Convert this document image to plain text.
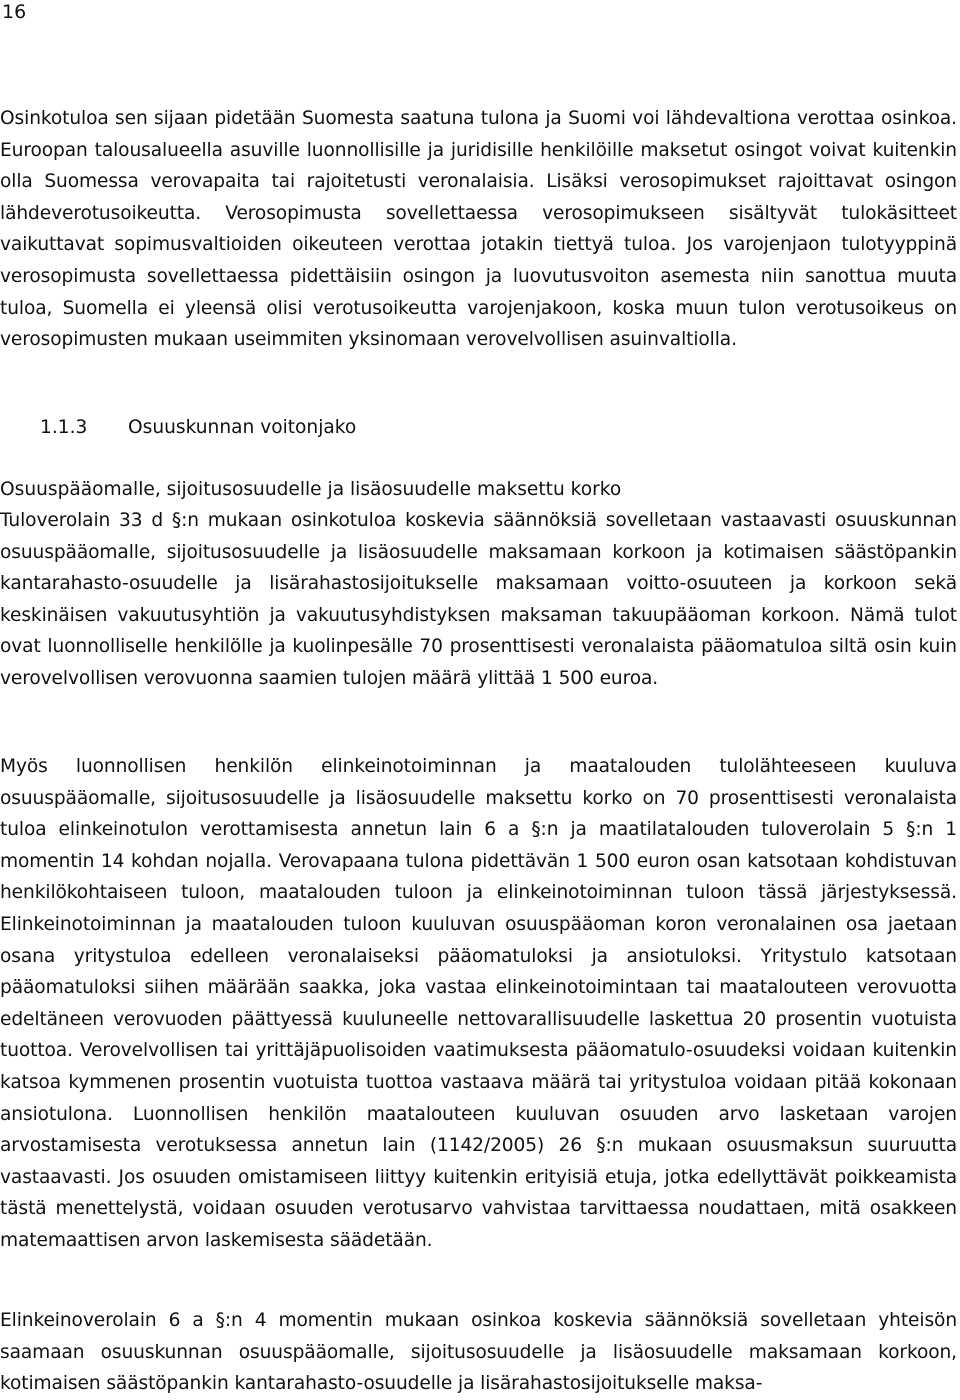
16

Osinkotuloa sen sijaan pidetään Suomesta saatuna tulona ja Suomi voi lähdevaltiona verottaa osinkoa. Euroopan talousalueella asuville luonnollisille ja juridisille henkilöille maksetut osingot voivat kuitenkin olla Suomessa verovapaita tai rajoitetusti veronalaisia. Lisäksi verosopimukset rajoittavat osingon lähdeverotusoikeutta. Verosopimusta sovellettaessa verosopimukseen sisältyvät tulokäsitteet vaikuttavat sopimusvaltioiden oikeuteen verottaa jotakin tiettyä tuloa. Jos varojenjaon tulotyyppinä verosopimusta sovellettaessa pidettäisiin osingon ja luovutusvoiton asemesta niin sanottua muuta tuloa, Suomella ei yleensä olisi verotusoikeutta varojenjakoon, koska muun tulon verotusoikeus on verosopimusten mukaan useimmiten yksinomaan verovelvollisen asuinvaltiolla.

1.1.3 Osuuskunnan voitonjako

Osuuspääomalle, sijoitusosuudelle ja lisäosuudelle maksettu korko

Tuloverolain 33 d §:n mukaan osinkotuloa koskevia säännöksiä sovelletaan vastaavasti osuuskunnan osuuspääomalle, sijoitusosuudelle ja lisäosuudelle maksamaan korkoon ja kotimaisen säästöpankin kantarahasto-osuudelle ja lisärahastosijoitukselle maksamaan voitto-osuuteen ja korkoon sekä keskinäisen vakuutusyhtiön ja vakuutusyhdistyksen maksaman takuupääoman korkoon. Nämä tulot ovat luonnolliselle henkilölle ja kuolinpesälle 70 prosenttisesti veronalaista pääomatuloa siltä osin kuin verovelvollisen verovuonna saamien tulojen määrä ylittää 1 500 euroa.

Myös luonnollisen henkilön elinkeinotoiminnan ja maatalouden tulolähteeseen kuuluva osuuspääomalle, sijoitusosuudelle ja lisäosuudelle maksettu korko on 70 prosenttisesti veronalaista tuloa elinkeinotulon verottamisesta annetun lain 6 a §:n ja maatilatalouden tuloverolain 5 §:n 1 momentin 14 kohdan nojalla. Verovapaana tulona pidettävän 1 500 euron osan katsotaan kohdistuvan henkilökohtaiseen tuloon, maatalouden tuloon ja elinkeinotoiminnan tuloon tässä järjestyksessä. Elinkeinotoiminnan ja maatalouden tuloon kuuluvan osuuspääoman koron veronalainen osa jaetaan osana yritystuloa edelleen veronalaiseksi pääomatuloksi ja ansiotuloksi. Yritystulo katsotaan pääomatuloksi siihen määrään saakka, joka vastaa elinkeinotoimintaan tai maatalouteen verovuotta edeltäneen verovuoden päättyessä kuuluneelle nettovarallisuudelle laskettua 20 prosentin vuotuista tuottoa. Verovelvollisen tai yrittäjäpuolisoiden vaatimuksesta pääomatulo-osuudeksi voidaan kuitenkin katsoa kymmenen prosentin vuotuista tuottoa vastaava määrä tai yritystuloa voidaan pitää kokonaan ansiotulona. Luonnollisen henkilön maatalouteen kuuluvan osuuden arvo lasketaan varojen arvostamisesta verotuksessa annetun lain (1142/2005) 26 §:n mukaan osuusmaksun suuruutta vastaavasti. Jos osuuden omistamiseen liittyy kuitenkin erityisiä etuja, jotka edellyttävät poikkeamista tästä menettelystä, voidaan osuuden verotusarvo vahvistaa tarvittaessa noudattaen, mitä osakkeen matemaattisen arvon laskemisesta säädetään.

Elinkeinoverolain 6 a §:n 4 momentin mukaan osinkoa koskevia säännöksiä sovelletaan yhteisön saamaan osuuskunnan osuuspääomalle, sijoitusosuudelle ja lisäosuudelle maksamaan korkoon, kotimaisen säästöpankin kantarahasto-osuudelle ja lisärahastosijoitukselle maksa-
